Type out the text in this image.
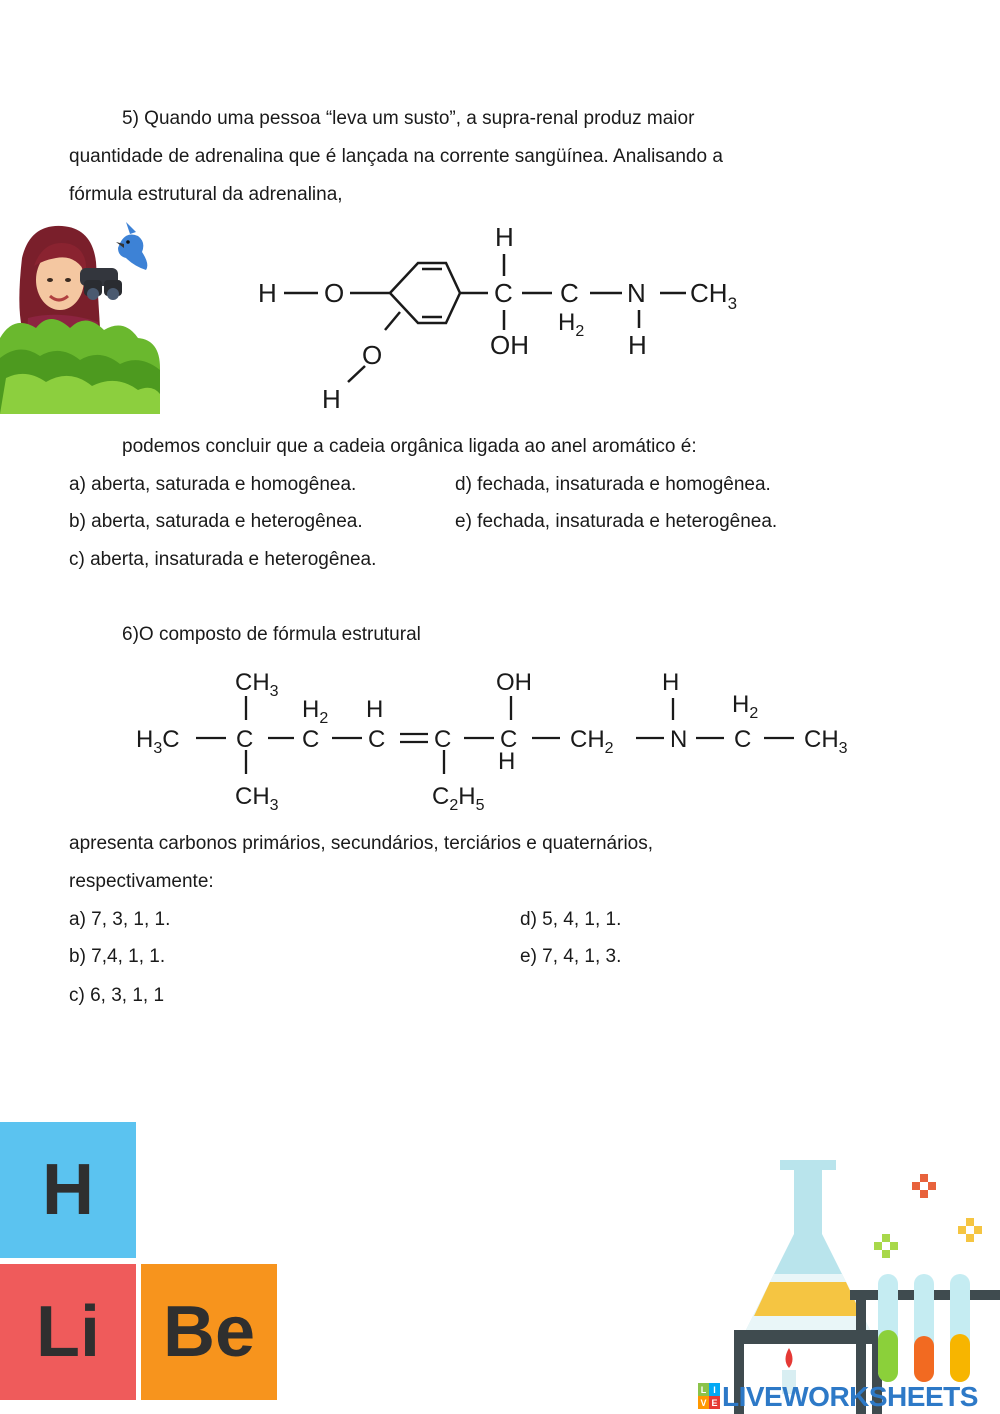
5) Quando uma pessoa “leva um susto”, a supra-renal produz maior
quantidade de adrenalina que é lançada na corrente sangüínea. Analisando a
fórmula estrutural da adrenalina,
H O
O
H
H
C
OH
C
$H_2$
N
H
$CH_3$
podemos concluir que a cadeia orgânica ligada ao anel aromático é:
a) aberta, saturada e homogênea.
b) aberta, saturada e heterogênea.
c) aberta, insaturada e heterogênea.
d) fechada, insaturada e homogênea.
e) fechada, insaturada e heterogênea.
6)O composto de fórmula estrutural
$H_3C$
$CH_3$
C
$CH_3$
$H_2$
C
H
C C
$C_2H_5$
OH
C
H
$CH_2$
H
N
$H_2$
C $CH_3$
apresenta carbonos primários, secundários, terciários e quaternários,
respectivamente:
a) 7, 3, 1, 1.
b) 7,4, 1, 1.
c) 6, 3, 1, 1
d) 5, 4, 1, 1.
e) 7, 4, 1, 3.
H
Li Be
L I
V E LIVEWORKSHEETS
